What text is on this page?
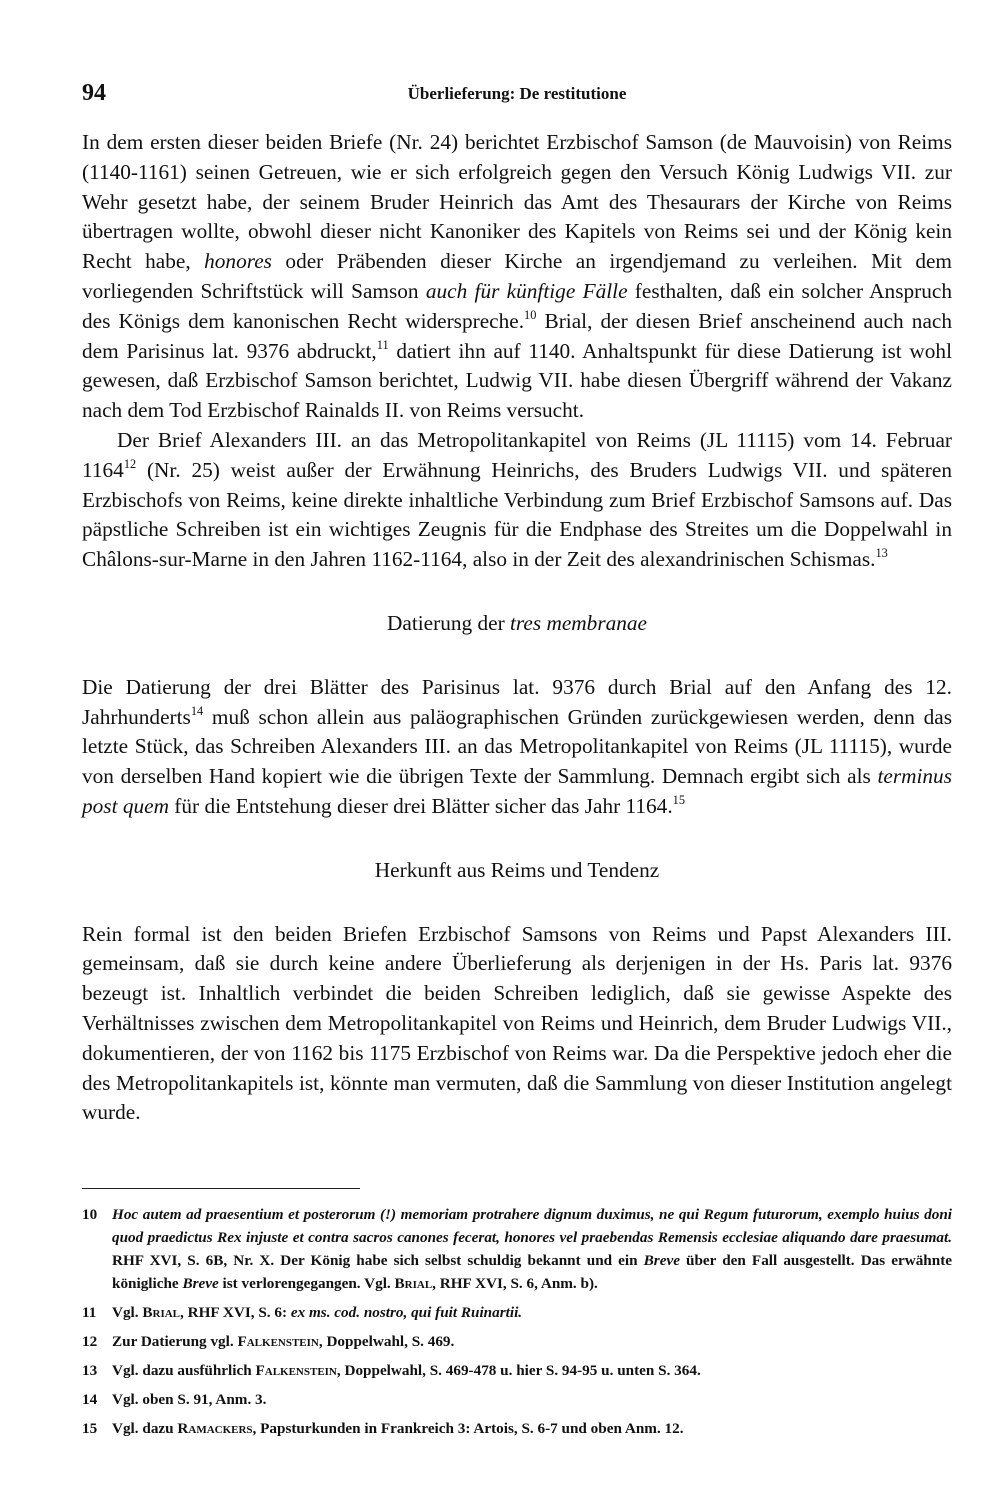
94	Überlieferung: De restitutione

In dem ersten dieser beiden Briefe (Nr. 24) berichtet Erzbischof Samson (de Mauvoisin) von Reims (1140-1161) seinen Getreuen, wie er sich erfolgreich gegen den Versuch König Ludwigs VII. zur Wehr gesetzt habe, der seinem Bruder Heinrich das Amt des Thesaurars der Kirche von Reims übertragen wollte, obwohl dieser nicht Kanoniker des Kapitels von Reims sei und der König kein Recht habe, honores oder Präbenden dieser Kirche an irgendjemand zu verleihen. Mit dem vorliegenden Schriftstück will Samson auch für künftige Fälle festhalten, daß ein solcher Anspruch des Königs dem kanonischen Recht widerspreche.$^{10}$ Brial, der diesen Brief anscheinend auch nach dem Parisinus lat. 9376 abdruckt,$^{11}$ datiert ihn auf 1140. Anhaltspunkt für diese Datierung ist wohl gewesen, daß Erzbischof Samson berichtet, Ludwig VII. habe diesen Übergriff während der Vakanz nach dem Tod Erzbischof Rainalds II. von Reims versucht.

Der Brief Alexanders III. an das Metropolitankapitel von Reims (JL 11115) vom 14. Februar 1164$^{12}$ (Nr. 25) weist außer der Erwähnung Heinrichs, des Bruders Ludwigs VII. und späteren Erzbischofs von Reims, keine direkte inhaltliche Verbindung zum Brief Erzbischof Samsons auf. Das päpstliche Schreiben ist ein wichtiges Zeugnis für die Endphase des Streites um die Doppelwahl in Châlons-sur-Marne in den Jahren 1162-1164, also in der Zeit des alexandrinischen Schismas.$^{13}$

Datierung der tres membranae

Die Datierung der drei Blätter des Parisinus lat. 9376 durch Brial auf den Anfang des 12. Jahrhunderts$^{14}$ muß schon allein aus paläographischen Gründen zurückgewiesen werden, denn das letzte Stück, das Schreiben Alexanders III. an das Metropolitankapitel von Reims (JL 11115), wurde von derselben Hand kopiert wie die übrigen Texte der Sammlung. Demnach ergibt sich als terminus post quem für die Entstehung dieser drei Blätter sicher das Jahr 1164.15

Herkunft aus Reims und Tendenz

Rein formal ist den beiden Briefen Erzbischof Samsons von Reims und Papst Alexanders III. gemeinsam, daß sie durch keine andere Überlieferung als derjenigen in der Hs. Paris lat. 9376 bezeugt ist. Inhaltlich verbindet die beiden Schreiben lediglich, daß sie gewisse Aspekte des Verhältnisses zwischen dem Metropolitankapitel von Reims und Heinrich, dem Bruder Ludwigs VII., dokumentieren, der von 1162 bis 1175 Erzbischof von Reims war. Da die Perspektive jedoch eher die des Metropolitankapitels ist, könnte man vermuten, daß die Sammlung von dieser Institution angelegt wurde.

10 Hoc autem ad praesentium et posterorum (!) memoriam protrahere dignum duximus, ne qui Regum futurorum, exemplo huius doni quod praedictus Rex injuste et contra sacros canones fecerat, honores vel praebendas Remensis ecclesiae aliquando dare praesumat. RHF XVI, S. 6B, Nr. X. Der König habe sich selbst schuldig bekannt und ein Breve über den Fall ausgestellt. Das erwähnte königliche Breve ist verlorengegangen. Vgl. Brial, RHF XVI, S. 6, Anm. b).
11	Vgl. Brial, RHF XVI, S. 6: ex ms. cod. nostro, qui fuit Ruinartii.
12 Zur Datierung vgl. Falkenstein, Doppelwahl, S. 469.
13 Vgl. dazu ausführlich Falkenstein, Doppelwahl, S. 469-478 u. hier S. 94-95 u. unten S. 364.
14 Vgl. oben S. 91, Anm. 3.
15 Vgl. dazu Ramackers, Papsturkunden in Frankreich 3: Artois, S. 6-7 und oben Anm. 12.
